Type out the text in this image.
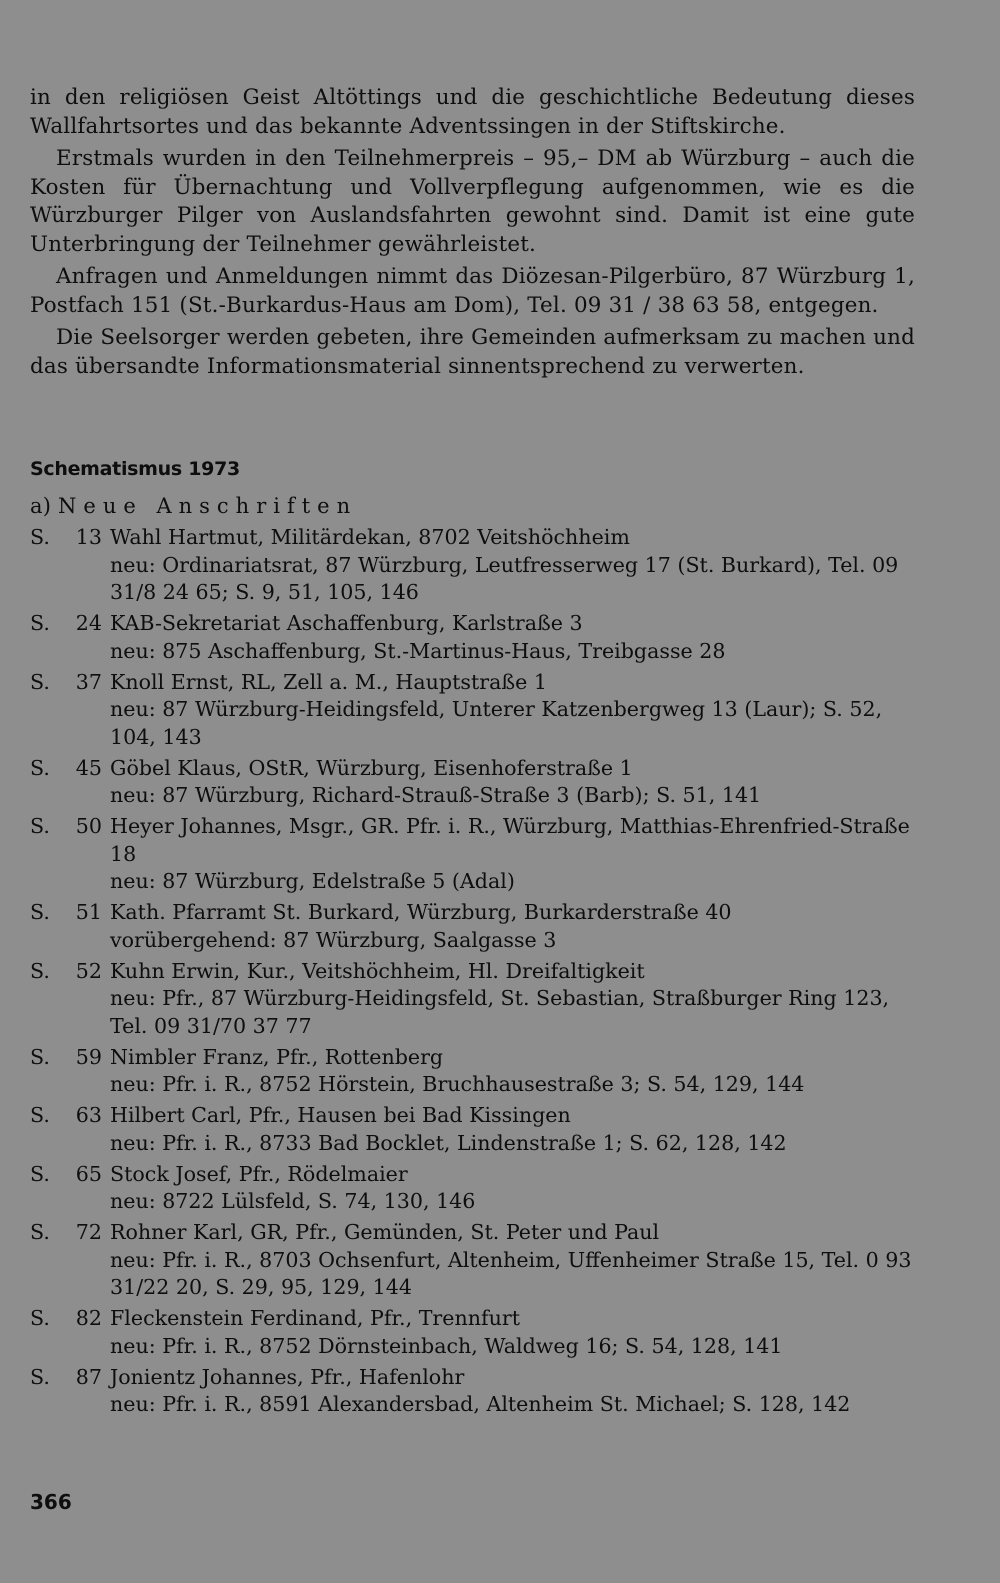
in den religiösen Geist Altöttings und die geschichtliche Bedeutung dieses Wallfahrtsortes und das bekannte Adventssingen in der Stiftskirche.

Erstmals wurden in den Teilnehmerpreis – 95,– DM ab Würzburg – auch die Kosten für Übernachtung und Vollverpflegung aufgenommen, wie es die Würzburger Pilger von Auslandsfahrten gewohnt sind. Damit ist eine gute Unterbringung der Teilnehmer gewährleistet.

Anfragen und Anmeldungen nimmt das Diözesan-Pilgerbüro, 87 Würzburg 1, Postfach 151 (St.-Burkardus-Haus am Dom), Tel. 09 31 / 38 63 58, entgegen.

Die Seelsorger werden gebeten, ihre Gemeinden aufmerksam zu machen und das übersandte Informationsmaterial sinnentsprechend zu verwerten.

Schematismus 1973
a) Neue Anschriften
S.	13 Wahl Hartmut, Militärdekan, 8702 Veitshöchheim
neu: Ordinariatsrat, 87 Würzburg, Leutfresserweg 17 (St. Burkard), Tel. 09 31/8 24 65; S. 9, 51, 105, 146
S.	24 KAB-Sekretariat Aschaffenburg, Karlstraße 3
neu: 875 Aschaffenburg, St.-Martinus-Haus, Treibgasse 28
S.	37 Knoll Ernst, RL, Zell a. M., Hauptstraße 1
neu: 87 Würzburg-Heidingsfeld, Unterer Katzenbergweg 13 (Laur); S. 52, 104, 143
S.	45 Göbel Klaus, OStR, Würzburg, Eisenhoferstraße 1
neu: 87 Würzburg, Richard-Strauß-Straße 3 (Barb); S. 51, 141
S.	50 Heyer Johannes, Msgr., GR. Pfr. i. R., Würzburg, Matthias-Ehrenfried-Straße 18
neu: 87 Würzburg, Edelstraße 5 (Adal)
S.	51 Kath. Pfarramt St. Burkard, Würzburg, Burkarderstraße 40
vorübergehend: 87 Würzburg, Saalgasse 3
S.	52 Kuhn Erwin, Kur., Veitshöchheim, Hl. Dreifaltigkeit
neu: Pfr., 87 Würzburg-Heidingsfeld, St. Sebastian, Straßburger Ring 123, Tel. 09 31/70 37 77
S.	59 Nimbler Franz, Pfr., Rottenberg
neu: Pfr. i. R., 8752 Hörstein, Bruchhausestraße 3; S. 54, 129, 144
S.	63 Hilbert Carl, Pfr., Hausen bei Bad Kissingen
neu: Pfr. i. R., 8733 Bad Bocklet, Lindenstraße 1; S. 62, 128, 142
S.	65 Stock Josef, Pfr., Rödelmaier
neu: 8722 Lülsfeld, S. 74, 130, 146
S.	72 Rohner Karl, GR, Pfr., Gemünden, St. Peter und Paul
neu: Pfr. i. R., 8703 Ochsenfurt, Altenheim, Uffenheimer Straße 15, Tel. 0 93 31/22 20, S. 29, 95, 129, 144
S.	82 Fleckenstein Ferdinand, Pfr., Trennfurt
neu: Pfr. i. R., 8752 Dörnsteinbach, Waldweg 16; S. 54, 128, 141
S.	87 Jonientz Johannes, Pfr., Hafenlohr
neu: Pfr. i. R., 8591 Alexandersbad, Altenheim St. Michael; S. 128, 142
366
